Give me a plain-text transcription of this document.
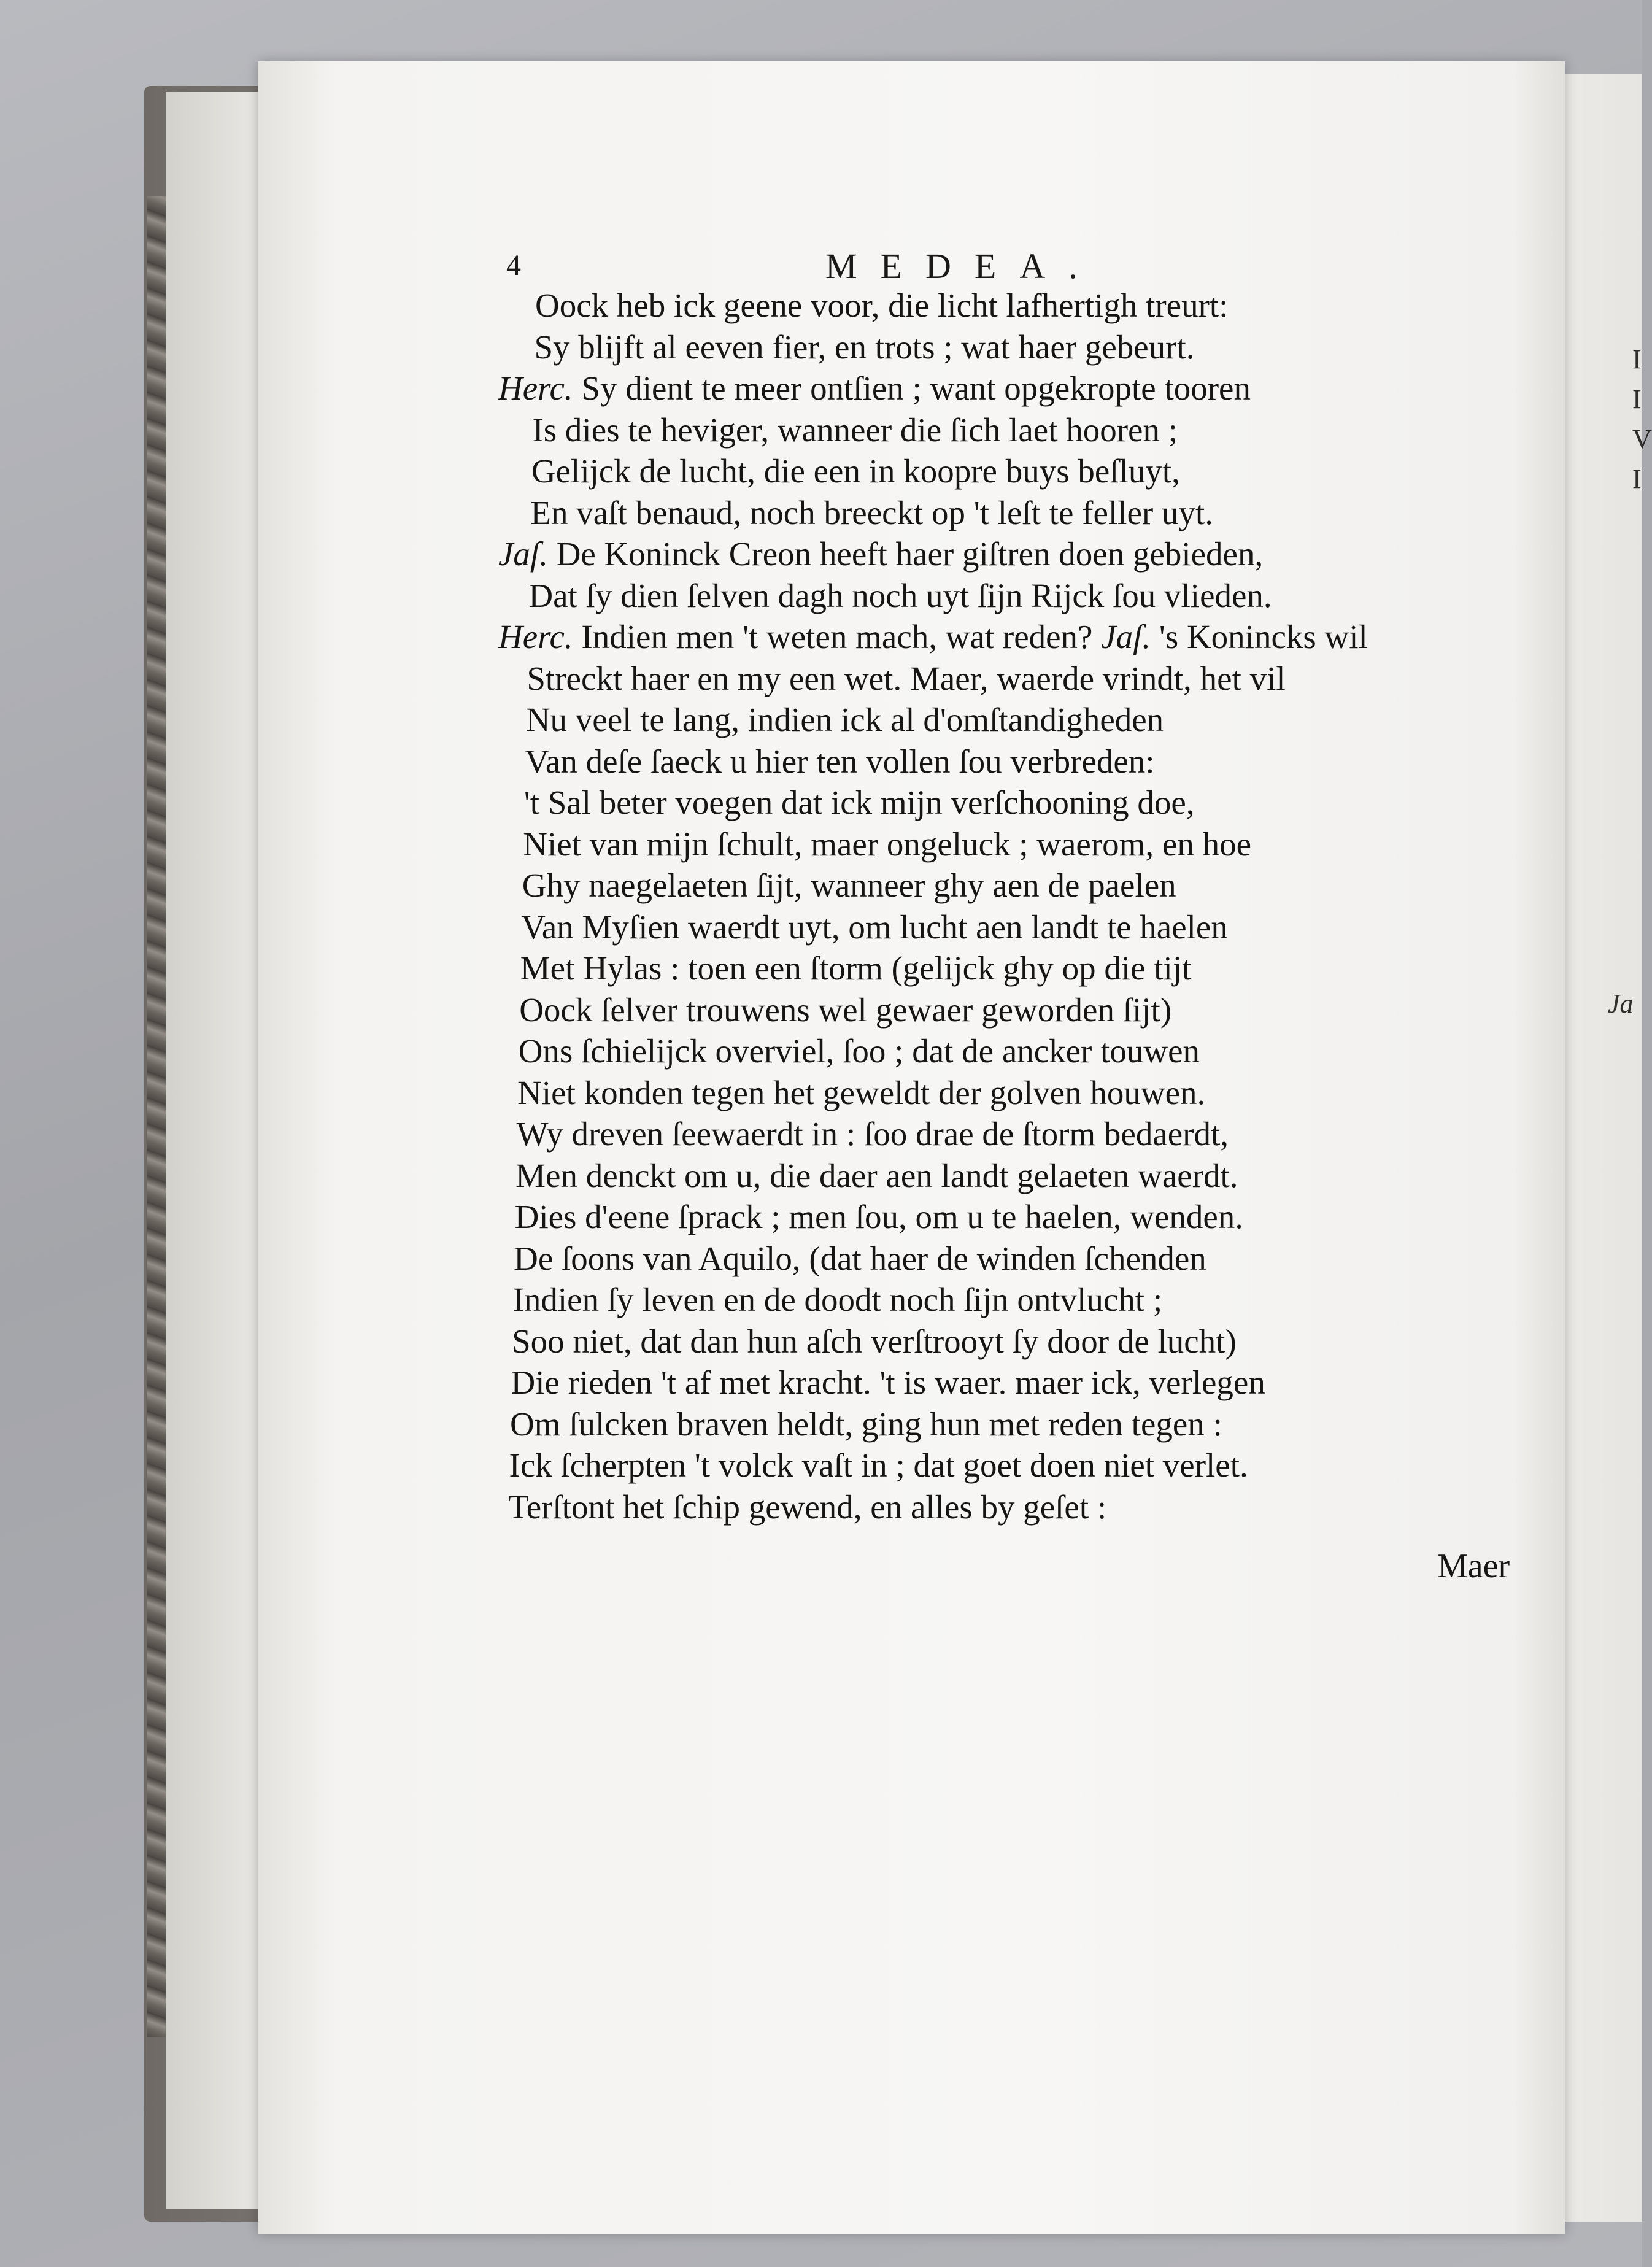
I
I
V
I
Ja
4	MEDEA.
Oock heb ick geene voor, die licht lafhertigh treurt:
Sy blijft al eeven fier, en trots ; wat haer gebeurt.
Herc. Sy dient te meer ontſien ; want opgekropte tooren
Is dies te heviger, wanneer die ſich laet hooren ;
Gelijck de lucht, die een in koopre buys beſluyt,
En vaſt benaud, noch breeckt op 't leſt te feller uyt.
Jaſ. De Koninck Creon heeft haer giſtren doen gebieden,
Dat ſy dien ſelven dagh noch uyt ſijn Rijck ſou vlieden.
Herc. Indien men 't weten mach, wat reden? Jaſ. 's Konincks wil
Streckt haer en my een wet. Maer, waerde vrindt, het vil
Nu veel te lang, indien ick al d'omſtandigheden
Van deſe ſaeck u hier ten vollen ſou verbreden:
't Sal beter voegen dat ick mijn verſchooning doe,
Niet van mijn ſchult, maer ongeluck ; waerom, en hoe
Ghy naegelaeten ſijt, wanneer ghy aen de paelen
Van Myſien waerdt uyt, om lucht aen landt te haelen
Met Hylas : toen een ſtorm (gelijck ghy op die tijt
Oock ſelver trouwens wel gewaer geworden ſijt)
Ons ſchielijck overviel, ſoo ; dat de ancker touwen
Niet konden tegen het geweldt der golven houwen.
Wy dreven ſeewaerdt in : ſoo drae de ſtorm bedaerdt,
Men denckt om u, die daer aen landt gelaeten waerdt.
Dies d'eene ſprack ; men ſou, om u te haelen, wenden.
De ſoons van Aquilo, (dat haer de winden ſchenden
Indien ſy leven en de doodt noch ſijn ontvlucht ;
Soo niet, dat dan hun aſch verſtrooyt ſy door de lucht)
Die rieden 't af met kracht. 't is waer. maer ick, verlegen
Om ſulcken braven heldt, ging hun met reden tegen :
Ick ſcherpten 't volck vaſt in ; dat goet doen niet verlet.
Terſtont het ſchip gewend, en alles by geſet :
Maer
